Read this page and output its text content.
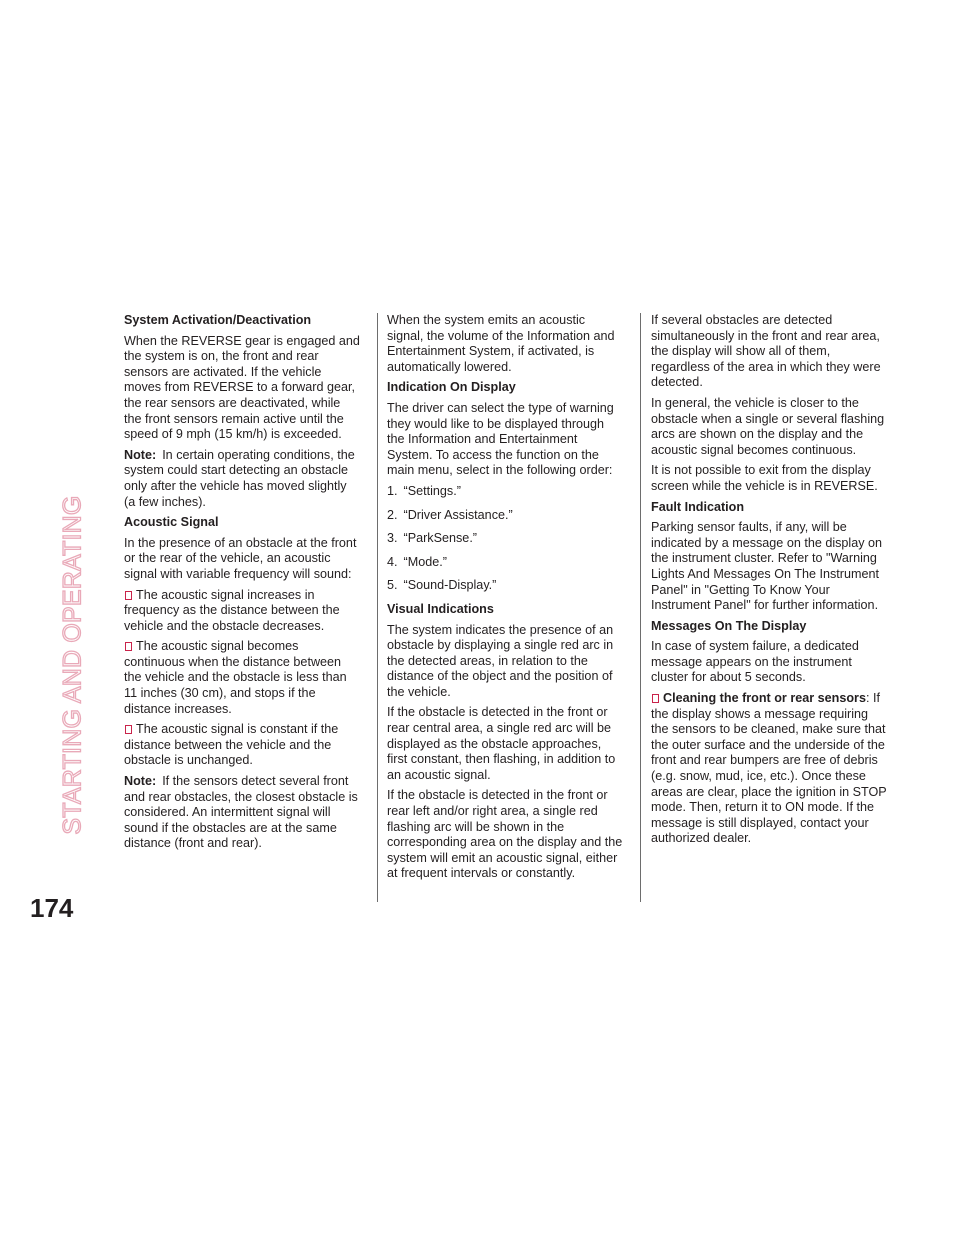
STARTING AND OPERATING
174
System Activation/Deactivation

When the REVERSE gear is engaged and the system is on, the front and rear sensors are activated. If the vehicle moves from REVERSE to a forward gear, the rear sensors are deactivated, while the front sensors remain active until the speed of 9 mph (15 km/h) is exceeded.

Note: In certain operating conditions, the system could start detecting an obstacle only after the vehicle has moved slightly (a few inches).

Acoustic Signal

In the presence of an obstacle at the front or the rear of the vehicle, an acoustic signal with variable frequency will sound:

The acoustic signal increases in frequency as the distance between the vehicle and the obstacle decreases.

The acoustic signal becomes continuous when the distance between the vehicle and the obstacle is less than 11 inches (30 cm), and stops if the distance increases.

The acoustic signal is constant if the distance between the vehicle and the obstacle is unchanged.

Note: If the sensors detect several front and rear obstacles, the closest obstacle is considered. An intermittent signal will sound if the obstacles are at the same distance (front and rear).

When the system emits an acoustic signal, the volume of the Information and Entertainment System, if activated, is automatically lowered.

Indication On Display

The driver can select the type of warning they would like to be displayed through the Information and Entertainment System. To access the function on the main menu, select in the following order:

1. “Settings.”
2. “Driver Assistance.”
3. “ParkSense.”
4. “Mode.”
5. “Sound-Display.”
Visual Indications

The system indicates the presence of an obstacle by displaying a single red arc in the detected areas, in relation to the distance of the object and the position of the vehicle.

If the obstacle is detected in the front or rear central area, a single red arc will be displayed as the obstacle approaches, first constant, then flashing, in addition to an acoustic signal.

If the obstacle is detected in the front or rear left and/or right area, a single red flashing arc will be shown in the corresponding area on the display and the system will emit an acoustic signal, either at frequent intervals or constantly.

If several obstacles are detected simultaneously in the front and rear area, the display will show all of them, regardless of the area in which they were detected.

In general, the vehicle is closer to the obstacle when a single or several flashing arcs are shown on the display and the acoustic signal becomes continuous.

It is not possible to exit from the display screen while the vehicle is in REVERSE.

Fault Indication

Parking sensor faults, if any, will be indicated by a message on the display on the instrument cluster. Refer to "Warning Lights And Messages On The Instrument Panel" in "Getting To Know Your Instrument Panel" for further information.

Messages On The Display

In case of system failure, a dedicated message appears on the instrument cluster for about 5 seconds.

Cleaning the front or rear sensors: If the display shows a message requiring the sensors to be cleaned, make sure that the outer surface and the underside of the front and rear bumpers are free of debris (e.g. snow, mud, ice, etc.). Once these areas are clear, place the ignition in STOP mode. Then, return it to ON mode. If the message is still displayed, contact your authorized dealer.
